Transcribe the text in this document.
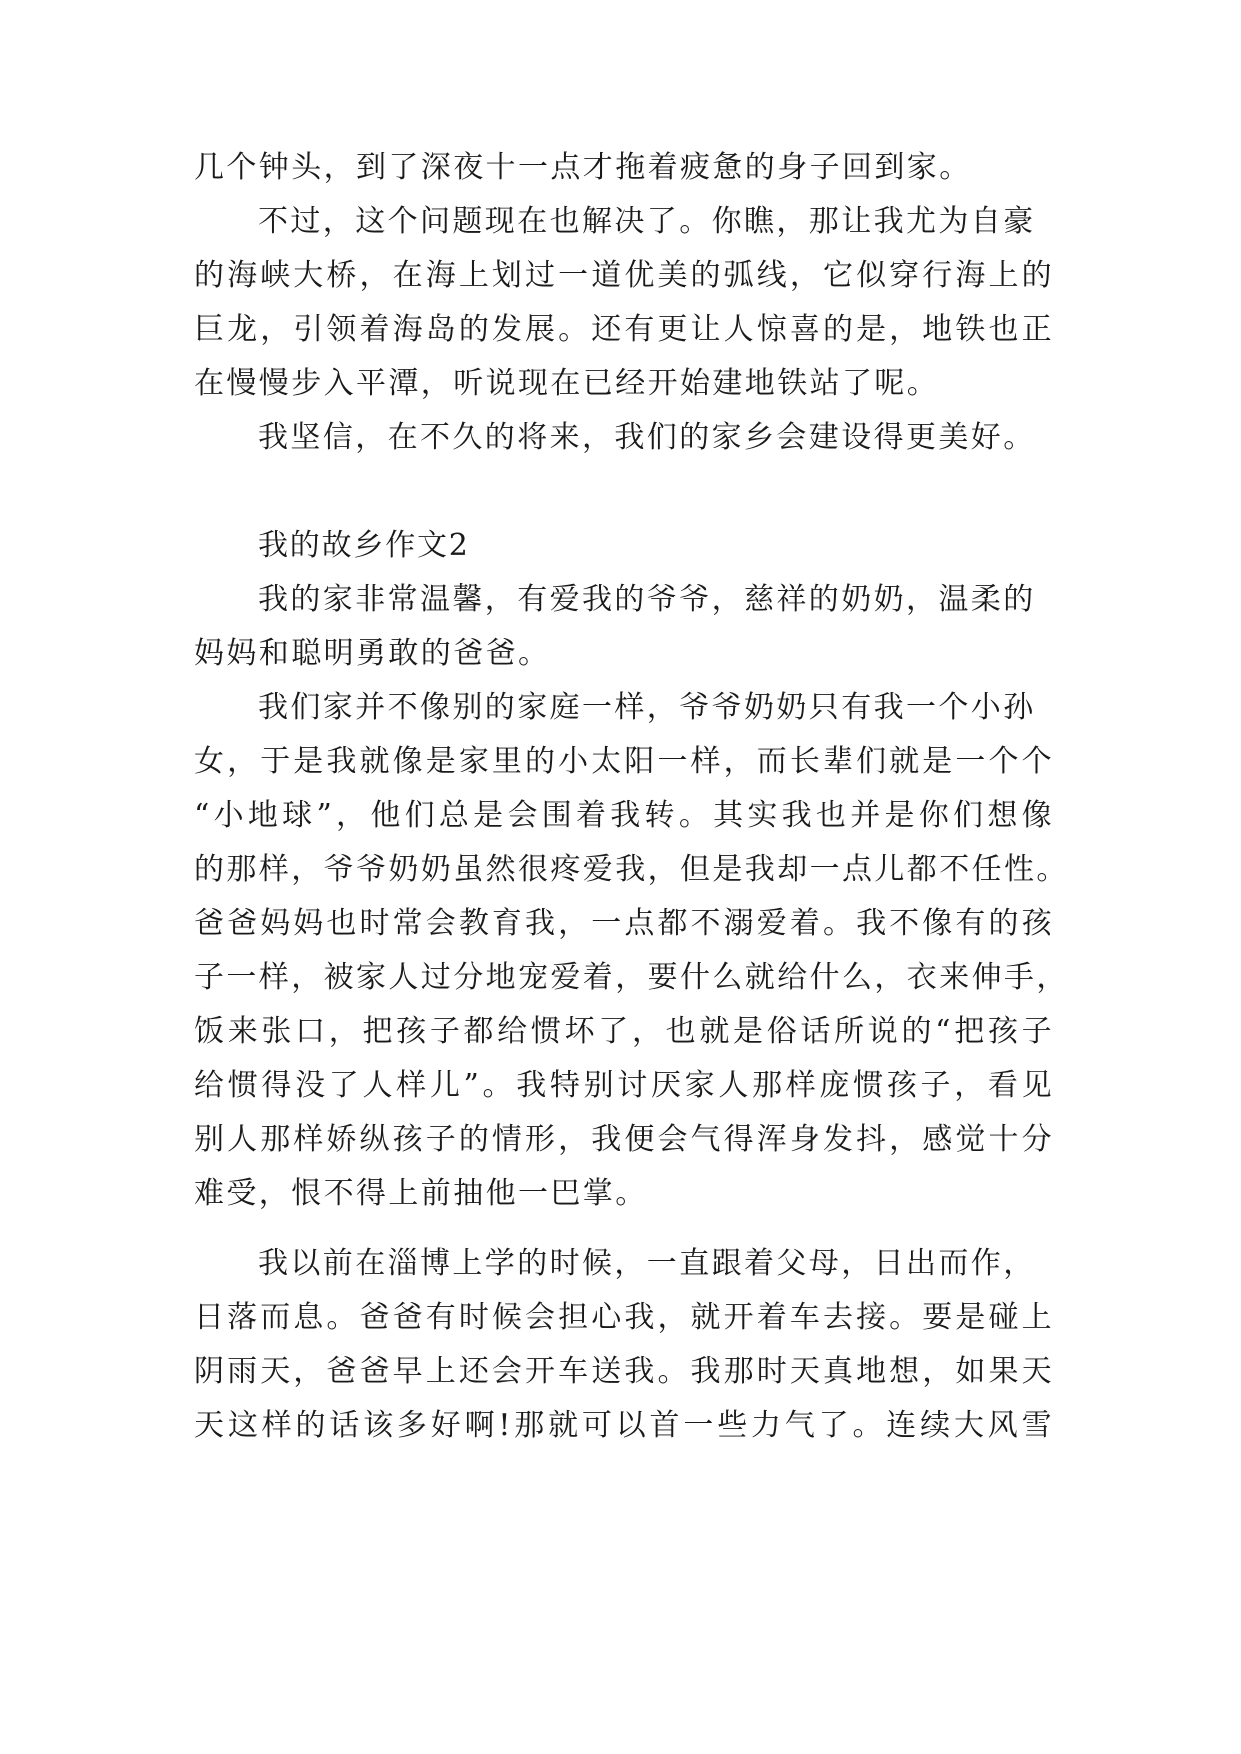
几个钟头，到了深夜十一点才拖着疲惫的身子回到家。
不过，这个问题现在也解决了。你瞧，那让我尤为自豪
的海峡大桥，在海上划过一道优美的弧线，它似穿行海上的
巨龙，引领着海岛的发展。还有更让人惊喜的是，地铁也正
在慢慢步入平潭，听说现在已经开始建地铁站了呢。
我坚信，在不久的将来，我们的家乡会建设得更美好。
我的故乡作文2
我的家非常温馨，有爱我的爷爷，慈祥的奶奶，温柔的
妈妈和聪明勇敢的爸爸。
我们家并不像别的家庭一样，爷爷奶奶只有我一个小孙
女，于是我就像是家里的小太阳一样，而长辈们就是一个个
“小地球”，他们总是会围着我转。其实我也并是你们想像
的那样，爷爷奶奶虽然很疼爱我，但是我却一点儿都不任性。
爸爸妈妈也时常会教育我，一点都不溺爱着。我不像有的孩
子一样，被家人过分地宠爱着，要什么就给什么，衣来伸手，
饭来张口，把孩子都给惯坏了，也就是俗话所说的“把孩子
给惯得没了人样儿”。我特别讨厌家人那样庞惯孩子，看见
别人那样娇纵孩子的情形，我便会气得浑身发抖，感觉十分
难受，恨不得上前抽他一巴掌。
我以前在淄博上学的时候，一直跟着父母，日出而作，
日落而息。爸爸有时候会担心我，就开着车去接。要是碰上
阴雨天，爸爸早上还会开车送我。我那时天真地想，如果天
天这样的话该多好啊!那就可以首一些力气了。连续大风雪
